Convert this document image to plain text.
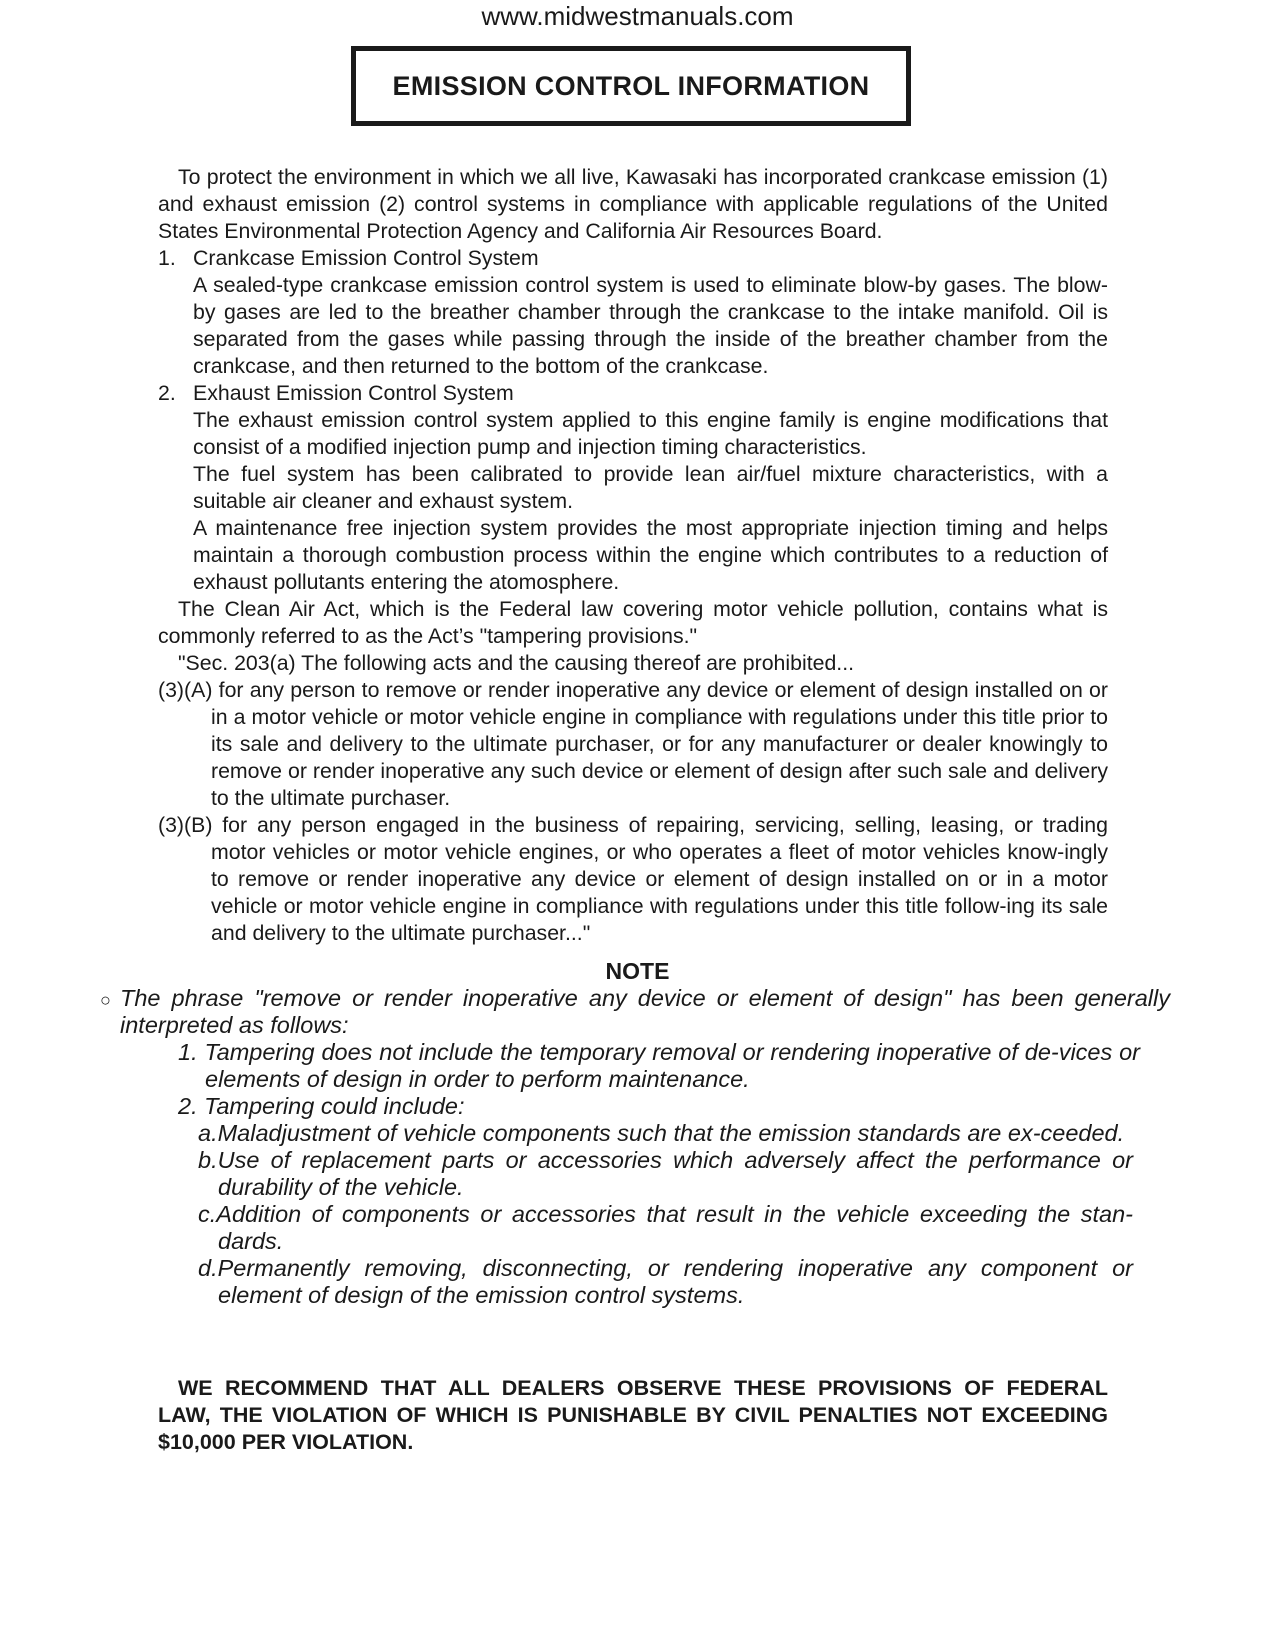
www.midwestmanuals.com
EMISSION CONTROL INFORMATION

To protect the environment in which we all live, Kawasaki has incorporated crankcase emission (1) and exhaust emission (2) control systems in compliance with applicable regulations of the United States Environmental Protection Agency and California Air Resources Board.

1. Crankcase Emission Control System

A sealed-type crankcase emission control system is used to eliminate blow-by gases. The blow-by gases are led to the breather chamber through the crankcase to the intake manifold. Oil is separated from the gases while passing through the inside of the breather chamber from the crankcase, and then returned to the bottom of the crankcase.

2. Exhaust Emission Control System

The exhaust emission control system applied to this engine family is engine modifications that consist of a modified injection pump and injection timing characteristics.

The fuel system has been calibrated to provide lean air/fuel mixture characteristics, with a suitable air cleaner and exhaust system.

A maintenance free injection system provides the most appropriate injection timing and helps maintain a thorough combustion process within the engine which contributes to a reduction of exhaust pollutants entering the atomosphere.

The Clean Air Act, which is the Federal law covering motor vehicle pollution, contains what is commonly referred to as the Act’s "tampering provisions."

"Sec. 203(a) The following acts and the causing thereof are prohibited...

(3)(A) for any person to remove or render inoperative any device or element of design installed on or in a motor vehicle or motor vehicle engine in compliance with regulations under this title prior to its sale and delivery to the ultimate purchaser, or for any manufacturer or dealer knowingly to remove or render inoperative any such device or element of design after such sale and delivery to the ultimate purchaser.

(3)(B) for any person engaged in the business of repairing, servicing, selling, leasing, or trading motor vehicles or motor vehicle engines, or who operates a fleet of motor vehicles know-ingly to remove or render inoperative any device or element of design installed on or in a motor vehicle or motor vehicle engine in compliance with regulations under this title follow-ing its sale and delivery to the ultimate purchaser..."

NOTE
○ The phrase "remove or render inoperative any device or element of design" has been generally interpreted as follows:

1. Tampering does not include the temporary removal or rendering inoperative of de-vices or elements of design in order to perform maintenance.

2. Tampering could include:

a.Maladjustment of vehicle components such that the emission standards are ex-ceeded.

b.Use of replacement parts or accessories which adversely affect the performance or durability of the vehicle.

c.Addition of components or accessories that result in the vehicle exceeding the stan-dards.

d.Permanently removing, disconnecting, or rendering inoperative any component or element of design of the emission control systems.

WE RECOMMEND THAT ALL DEALERS OBSERVE THESE PROVISIONS OF FEDERAL LAW, THE VIOLATION OF WHICH IS PUNISHABLE BY CIVIL PENALTIES NOT EXCEEDING $10,000 PER VIOLATION.
